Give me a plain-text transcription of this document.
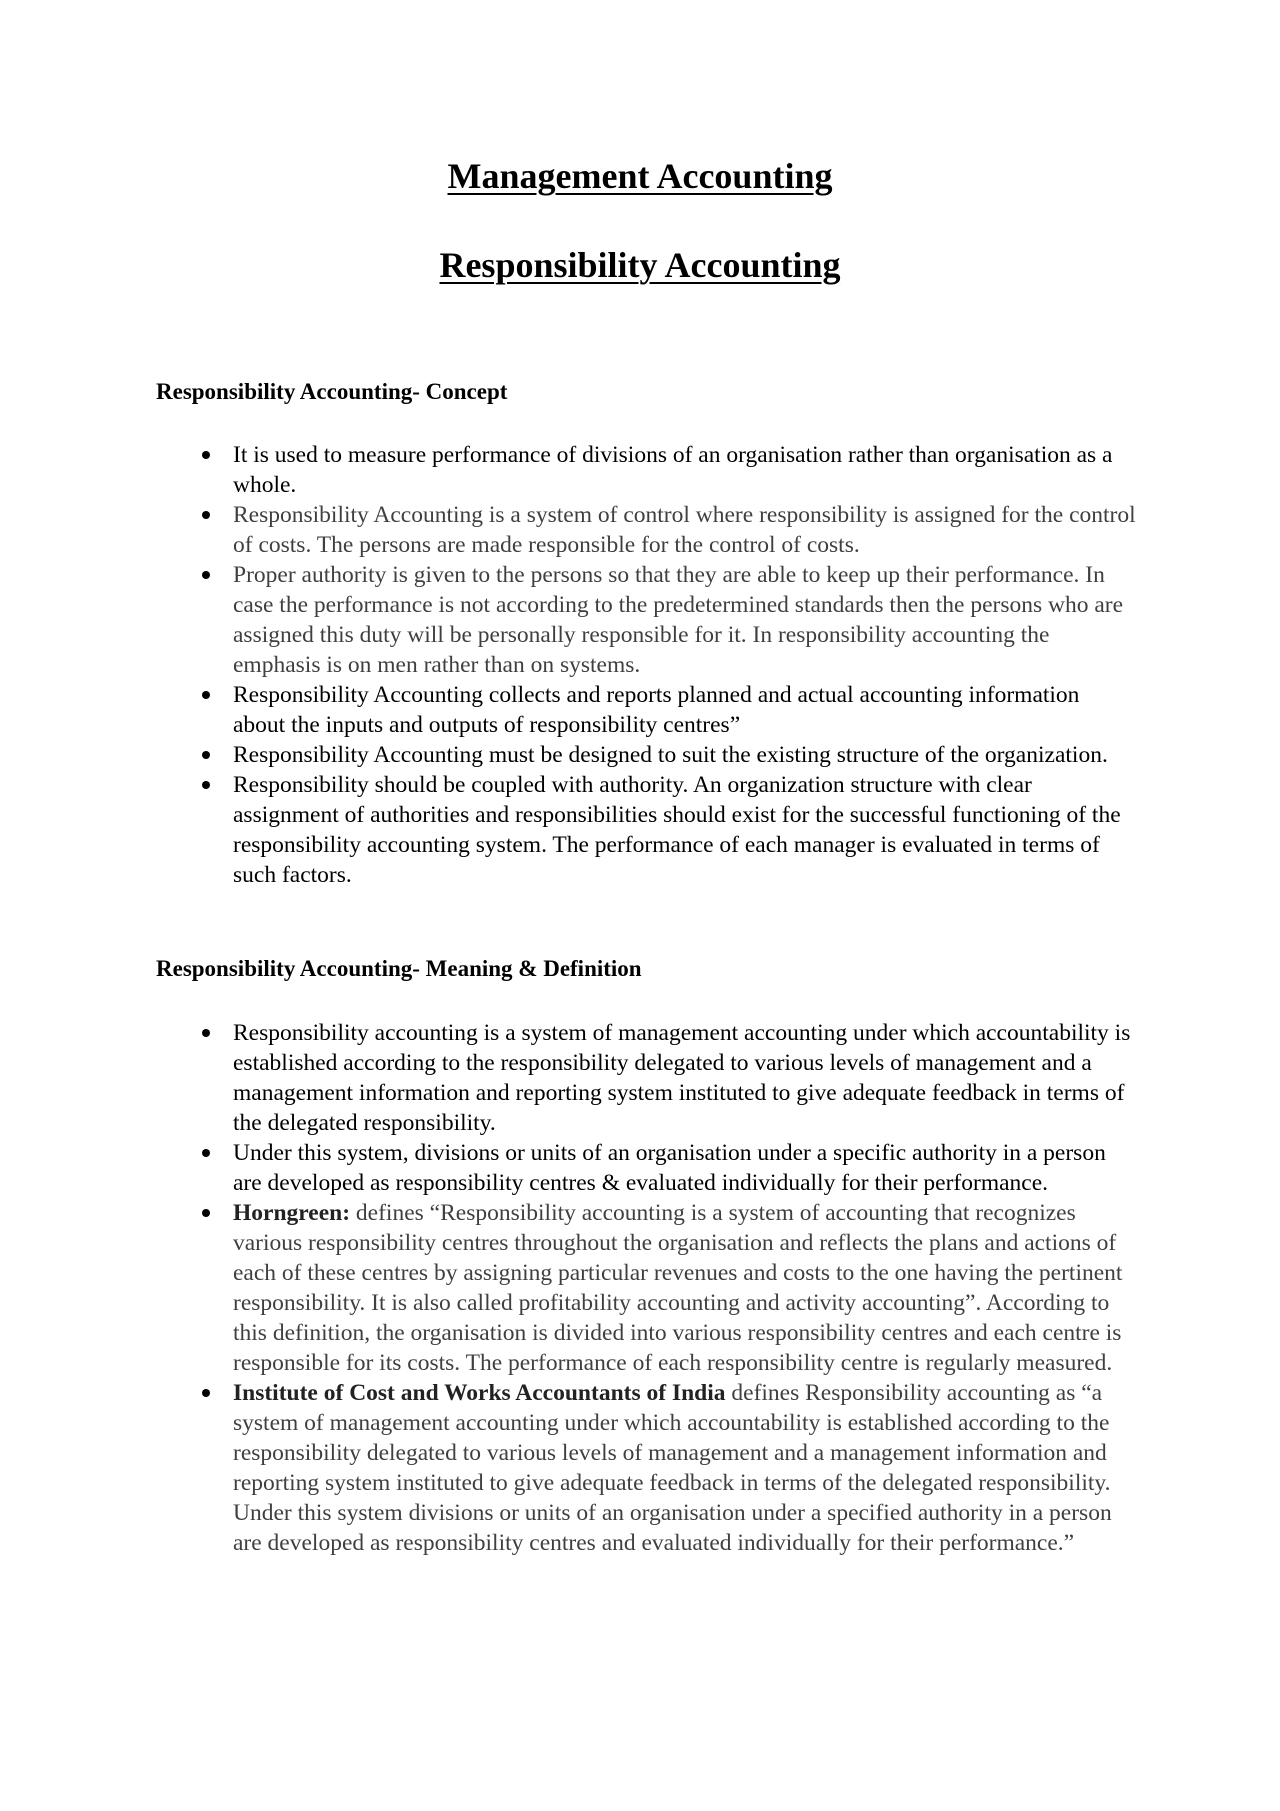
Management Accounting
Responsibility Accounting
Responsibility Accounting- Concept
It is used to measure performance of divisions of an organisation rather than organisation as a whole.
Responsibility Accounting is a system of control where responsibility is assigned for the control of costs. The persons are made responsible for the control of costs.
Proper authority is given to the persons so that they are able to keep up their performance. In case the performance is not according to the predetermined standards then the persons who are assigned this duty will be personally responsible for it. In responsibility accounting the emphasis is on men rather than on systems.
Responsibility Accounting collects and reports planned and actual accounting information about the inputs and outputs of responsibility centres”
Responsibility Accounting must be designed to suit the existing structure of the organization.
Responsibility should be coupled with authority. An organization structure with clear assignment of authorities and responsibilities should exist for the successful functioning of the responsibility accounting system. The performance of each manager is evaluated in terms of such factors.
Responsibility Accounting- Meaning & Definition
Responsibility accounting is a system of management accounting under which accountability is established according to the responsibility delegated to various levels of management and a management information and reporting system instituted to give adequate feedback in terms of the delegated responsibility.
Under this system, divisions or units of an organisation under a specific authority in a person are developed as responsibility centres & evaluated individually for their performance.
Horngreen: defines “Responsibility accounting is a system of accounting that recognizes various responsibility centres throughout the organisation and reflects the plans and actions of each of these centres by assigning particular revenues and costs to the one having the pertinent responsibility. It is also called profitability accounting and activity accounting”. According to this definition, the organisation is divided into various responsibility centres and each centre is responsible for its costs. The performance of each responsibility centre is regularly measured.
Institute of Cost and Works Accountants of India defines Responsibility accounting as “a system of management accounting under which accountability is established according to the responsibility delegated to various levels of management and a management information and reporting system instituted to give adequate feedback in terms of the delegated responsibility. Under this system divisions or units of an organisation under a specified authority in a person are developed as responsibility centres and evaluated individually for their performance.”
